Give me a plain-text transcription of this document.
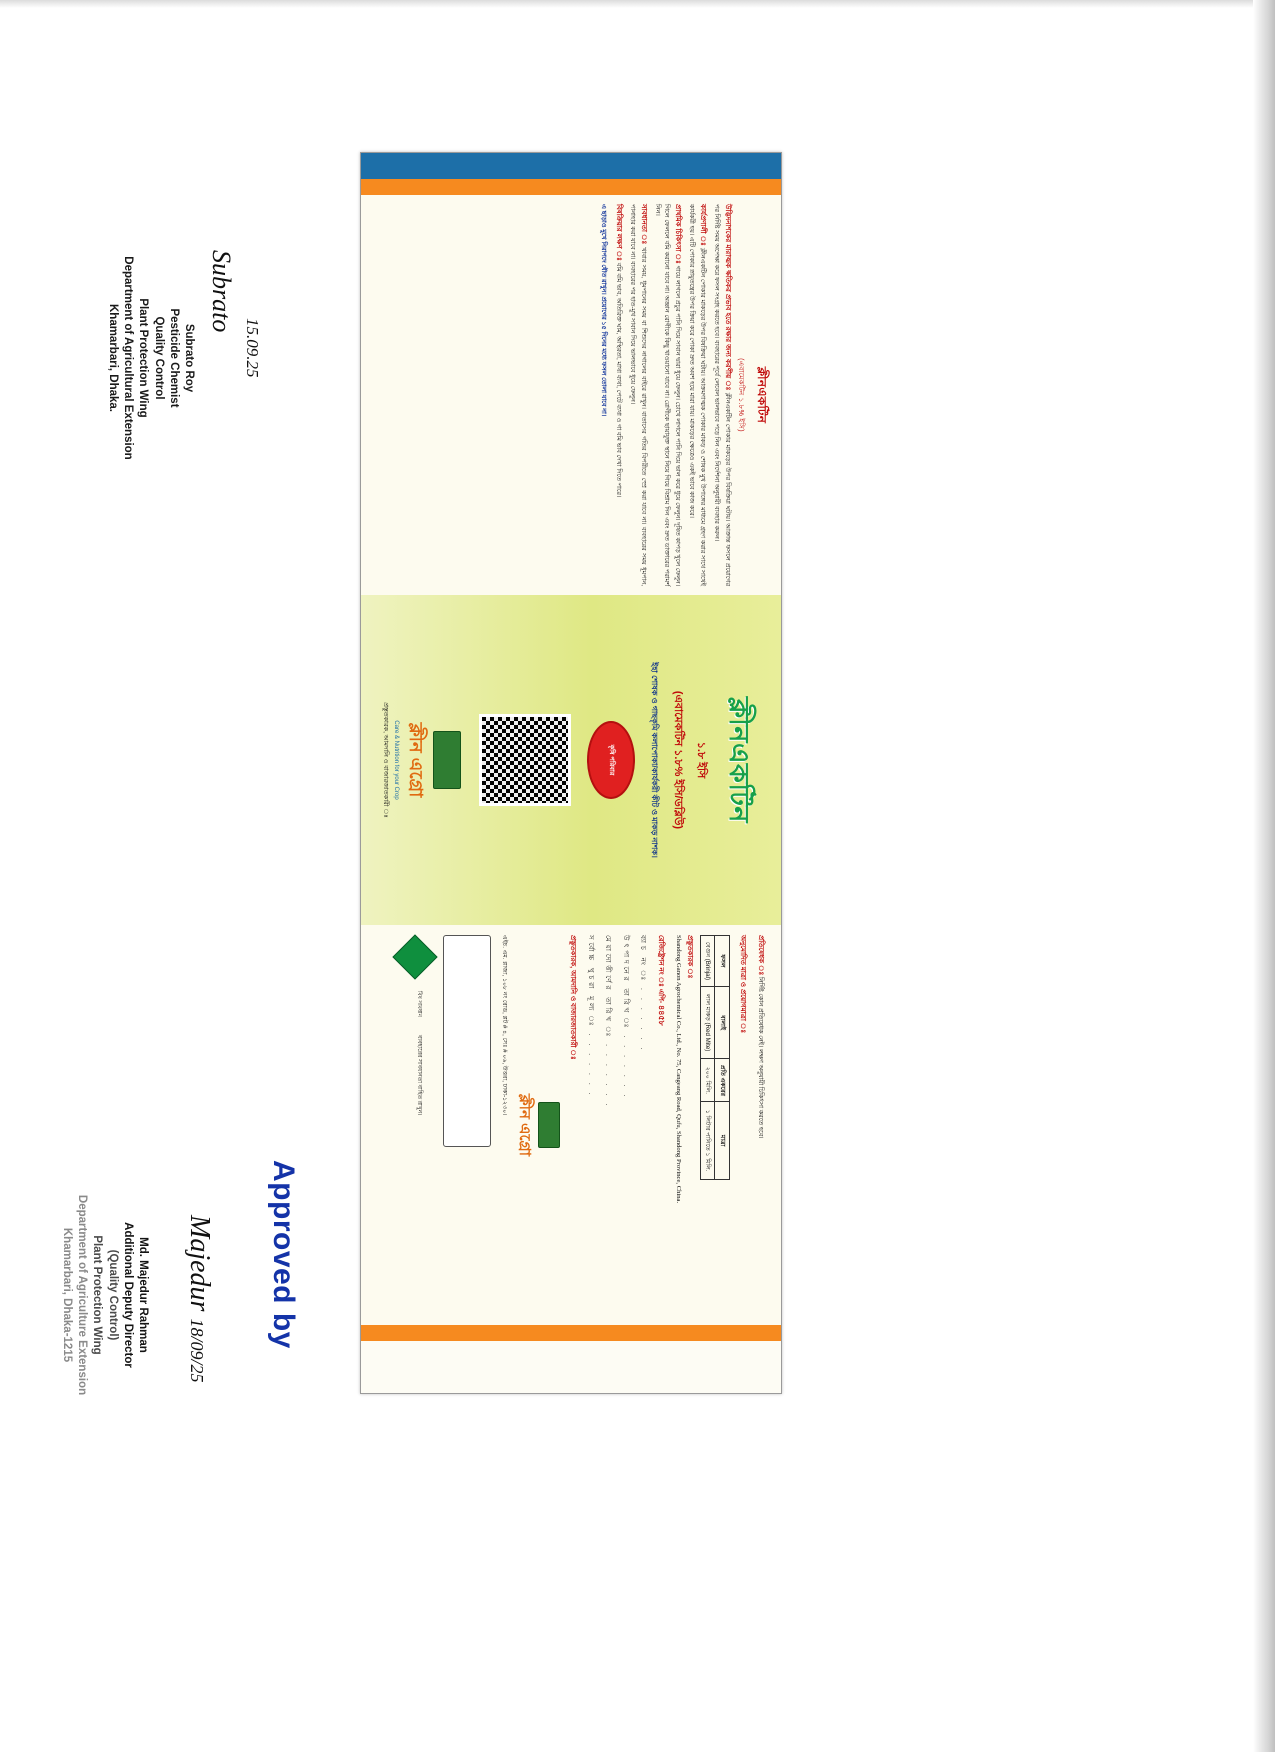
ক্লীনএকটিন
(এবামেকটিন ১.৮% ইসি)

উদ্ভিদনাশকের মারাত্মক ক্ষতিকর প্রভাব হতে রক্ষার জন্য করণীয় ঃ ক্লীনএকটিন পোকার মাকড়ের উপর বিষক্রিয়া ঘটায়। আক্রান্ত ফসলে প্রয়োগের পর নির্দিষ্ট সময় অপেক্ষা করে ফসল সংগ্রহ করতে হবে। ব্যবহারের পূর্বে লেবেল ভালভাবে পড়ে নিন এবং নির্দেশনা অনুযায়ী ব্যবহার করুন।

কার্যপ্রণালী ঃ ক্লীনএকটিন পোকার মাকড়ের উপর বিষক্রিয়া ঘটায়। আক্রমণাত্মক পোকার মাকড় ও শোষক মুখ উপাঙ্গের মাধ্যমে গ্রহণ করার সাথে সাথেই কার্যকরী হয়। এটি পোকার স্নায়ুতন্ত্রের উপর ক্রিয়া করে পোকা দ্রুত অবশ হয়ে মারা যায়। মাকড়ের ক্ষেত্রেও একই ভাবে কাজ করে।

প্রাথমিক চিকিৎসা ঃ গায়ে লাগলে প্রচুর পানি দিয়ে সাবান দ্বারা ধুয়ে ফেলুন। চোখে লাগলে পানি দিয়ে ভাল করে ধুয়ে ফেলুন। দূষিত কাপড় খুলে ফেলুন। গিলে ফেললে বমি করানো যাবে না। অজ্ঞান রোগীকে কিছু খাওয়ানো যাবে না। রোগীকে ছায়াযুক্ত স্থানে নিয়ে গিয়ে বিশ্রাম দিন এবং দ্রুত ডাক্তারের পরামর্শ নিন।

সাবধানতা ঃ খাবার সময়, ধূমপানের সময় বা শিশুদের নাগালের বাইরে রাখুন। বাতাসের গতির বিপরীতে স্প্রে করা যাবে না। ব্যবহারের সময় ধূমপান, পানাহার করা যাবে না। ব্যবহারের পর হাত-মুখ সাবান দিয়ে ভালভাবে ধুয়ে ফেলুন।

বিষক্রিয়ার লক্ষণ ঃ বমি বমি ভাব, অতিরিক্ত ঘাম, অস্থিরতা, মাথা ব্যথা, পেটে ব্যথা ও গা বমি ভাব দেখা দিতে পারে।

এ ছাড়াও মুখে নিরাপদে ধৌত রাখুন। প্রয়োগের ১৫ দিনের মধ্যে ফসল তোলা যাবে না।

ক্লীনএকটিন
১.৮ ইসি
(এবামেকটিন ১.৮% ইসি/ডব্লিউ)
ইহা শোষক ও গাছকৃমি কলাপোকা/কার্যকরী কীট ও মাকড় নাশক।
কৃষি পরিবার
ক্লীন এগ্রো
Care & Nutrition for your Crop
প্রস্তুতকারক, আমদানি ও বাজারজাতকারী ঃ

প্রতিষেধক ঃ নির্দিষ্ট কোন প্রতিষেধক নেই। লক্ষণ অনুযায়ী চিকিৎসা করতে হবে।

অনুমোদিত মাত্রা ও প্রয়োগমাত্রা ঃ

ফসল	বালাই	প্রতি একরের	মাত্রা
বেগুন (Brinjal)	লাল মাকড় (Red Mite)	২০০ মিলি.	১ লিটার পানিতে ১ মিলি.

প্রস্তুতকারক ঃ
Shandong Ganon Agrochemical Co., Ltd., No. 75, Cangeang Road, Qufu, Shandong Province, China.

রেজিষ্ট্রেশন নং ঃ এপি- ৪৪৫৮

ব্যাচ নং ঃ . . . . . . .

উৎপাদনের তারিখ ঃ . . . . . . .

মেয়াদোত্তীর্ণের তারিখ ঃ . . . . . . .

সর্বোচ্চ খুচরা মূল্য ঃ . . . . . . .

প্রস্তুতকারক, আমদানি ও বাজারজাতকারী ঃ

ক্লীন এগ্রো
এইচ. এম. প্লাজা, ১০৮ নং রোড, প্লট # ৪, সেঃ # ০৬, উত্তরা, ঢাকা-১২৩০।
বিষ সাবধান
ব্যবহারের সাবধানতা বাহিত রাখুন।
Subrato Roy
Pesticide Chemist
Quality Control
Plant Protection Wing
Department of Agricultural Extension
Khamarbari, Dhaka.
Subrato
15.09.25
Approved by
Md. Majedur Rahman
Additional Deputy Director
(Quality Control)
Plant Protection Wing
Department of Agriculture Extension
Khamarbari, Dhaka-1215	Majedur 18/09/25
